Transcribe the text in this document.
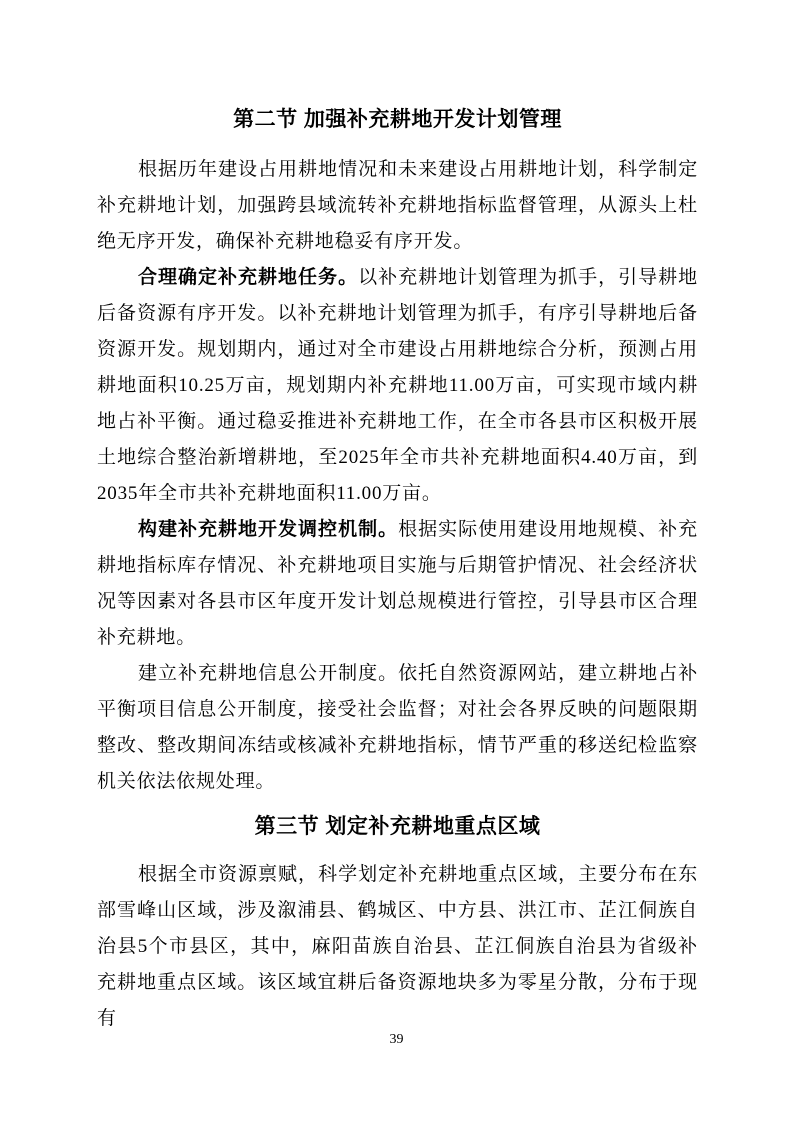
第二节 加强补充耕地开发计划管理

根据历年建设占用耕地情况和未来建设占用耕地计划，科学制定补充耕地计划，加强跨县域流转补充耕地指标监督管理，从源头上杜绝无序开发，确保补充耕地稳妥有序开发。

合理确定补充耕地任务。以补充耕地计划管理为抓手，引导耕地后备资源有序开发。以补充耕地计划管理为抓手，有序引导耕地后备资源开发。规划期内，通过对全市建设占用耕地综合分析，预测占用耕地面积10.25万亩，规划期内补充耕地11.00万亩，可实现市域内耕地占补平衡。通过稳妥推进补充耕地工作，在全市各县市区积极开展土地综合整治新增耕地，至2025年全市共补充耕地面积4.40万亩，到2035年全市共补充耕地面积11.00万亩。

构建补充耕地开发调控机制。根据实际使用建设用地规模、补充耕地指标库存情况、补充耕地项目实施与后期管护情况、社会经济状况等因素对各县市区年度开发计划总规模进行管控，引导县市区合理补充耕地。

建立补充耕地信息公开制度。依托自然资源网站，建立耕地占补平衡项目信息公开制度，接受社会监督；对社会各界反映的问题限期整改、整改期间冻结或核减补充耕地指标，情节严重的移送纪检监察机关依法依规处理。

第三节 划定补充耕地重点区域

根据全市资源禀赋，科学划定补充耕地重点区域，主要分布在东部雪峰山区域，涉及溆浦县、鹤城区、中方县、洪江市、芷江侗族自治县5个市县区，其中，麻阳苗族自治县、芷江侗族自治县为省级补充耕地重点区域。该区域宜耕后备资源地块多为零星分散，分布于现有

39
